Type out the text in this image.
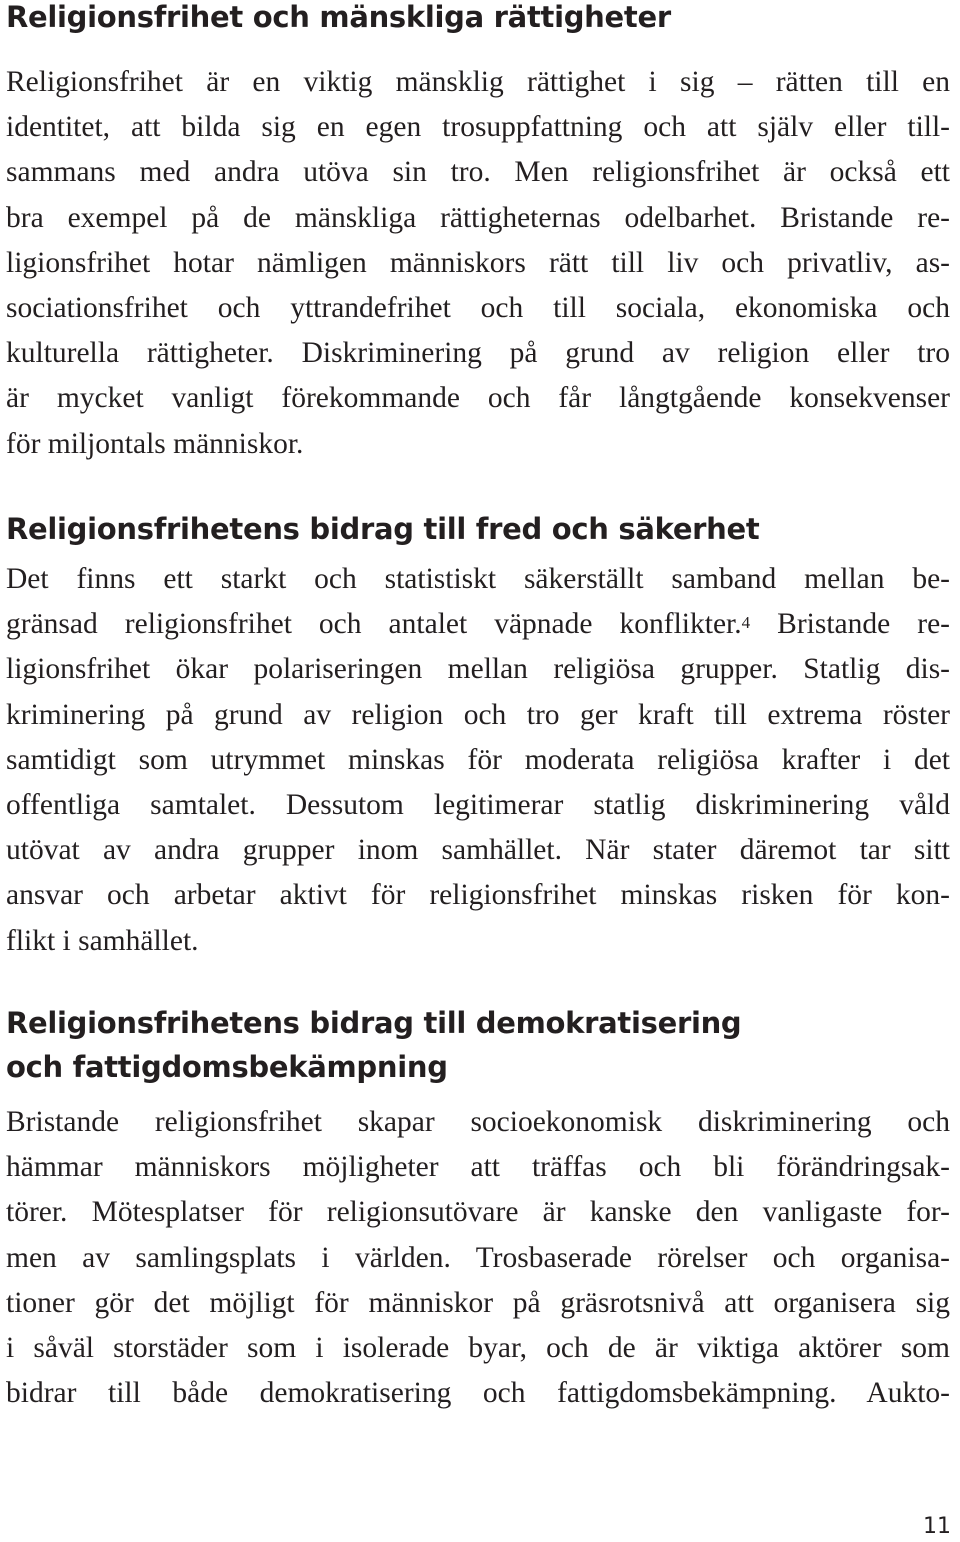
Religionsfrihet och mänskliga rättigheter

Religionsfrihet är en viktig mänsklig rättighet i sig – rätten till en
identitet, att bilda sig en egen trosuppfattning och att själv eller till-
sammans med andra utöva sin tro. Men religionsfrihet är också ett
bra exempel på de mänskliga rättigheternas odelbarhet. Bristande re-
ligionsfrihet hotar nämligen människors rätt till liv och privatliv, as-
sociationsfrihet och yttrandefrihet och till sociala, ekonomiska och
kulturella rättigheter. Diskriminering på grund av religion eller tro
är mycket vanligt förekommande och får långtgående konsekvenser
för miljontals människor.

Religionsfrihetens bidrag till fred och säkerhet

Det finns ett starkt och statistiskt säkerställt samband mellan be-
gränsad religionsfrihet och antalet väpnade konflikter.$^4$ Bristande re-
ligionsfrihet ökar polariseringen mellan religiösa grupper. Statlig dis-
kriminering på grund av religion och tro ger kraft till extrema röster
samtidigt som utrymmet minskas för moderata religiösa krafter i det
offentliga samtalet. Dessutom legitimerar statlig diskriminering våld
utövat av andra grupper inom samhället. När stater däremot tar sitt
ansvar och arbetar aktivt för religionsfrihet minskas risken för kon-
flikt i samhället.

Religionsfrihetens bidrag till demokratisering
och fattigdomsbekämpning

Bristande religionsfrihet skapar socioekonomisk diskriminering och
hämmar människors möjligheter att träffas och bli förändringsak-
törer. Mötesplatser för religionsutövare är kanske den vanligaste for-
men av samlingsplats i världen. Trosbaserade rörelser och organisa-
tioner gör det möjligt för människor på gräsrotsnivå att organisera sig
i såväl storstäder som i isolerade byar, och de är viktiga aktörer som
bidrar till både demokratisering och fattigdomsbekämpning. Aukto-

11
